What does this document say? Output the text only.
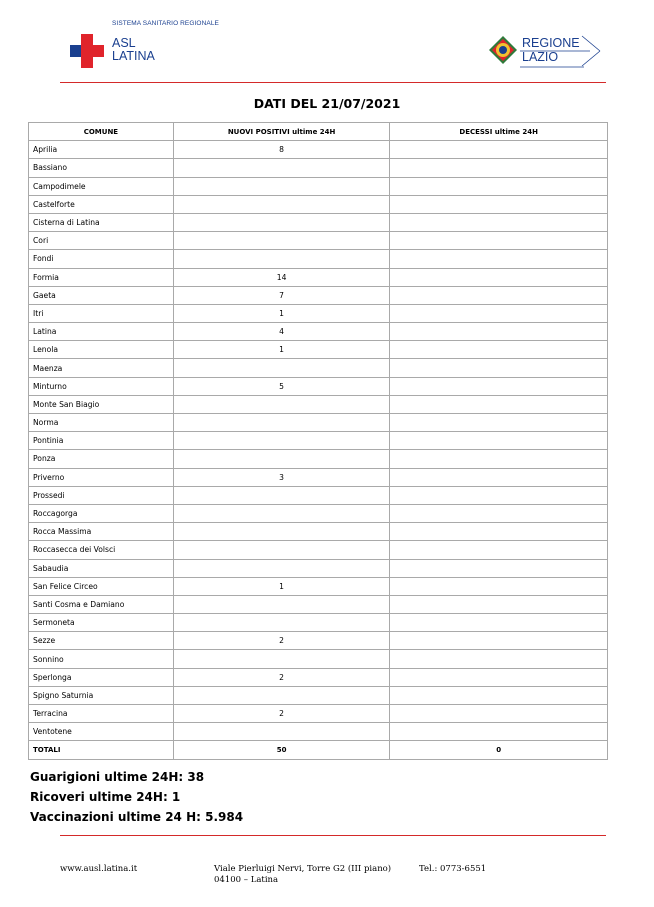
SISTEMA SANITARIO REGIONALE
ASL
LATINA
REGIONE
LAZIO
DATI DEL 21/07/2021
COMUNE	NUOVI POSITIVI ultime 24H	DECESSI ultime 24H
Aprilia	8	
Bassiano		
Campodimele		
Castelforte		
Cisterna di Latina		
Cori		
Fondi		
Formia	14	
Gaeta	7	
Itri	1	
Latina	4	
Lenola	1	
Maenza		
Minturno	5	
Monte San Biagio		
Norma		
Pontinia		
Ponza		
Priverno	3	
Prossedi		
Roccagorga		
Rocca Massima		
Roccasecca dei Volsci		
Sabaudia		
San Felice Circeo	1	
Santi Cosma e Damiano		
Sermoneta		
Sezze	2	
Sonnino		
Sperlonga	2	
Spigno Saturnia		
Terracina	2	
Ventotene		
TOTALI	50	0
Guarigioni ultime 24H: 38
Ricoveri ultime 24H: 1
Vaccinazioni ultime 24 H: 5.984
www.ausl.latina.it	Viale Pierluigi Nervi, Torre G2 (III piano)
04100 – Latina
Tel.: 0773-6551
